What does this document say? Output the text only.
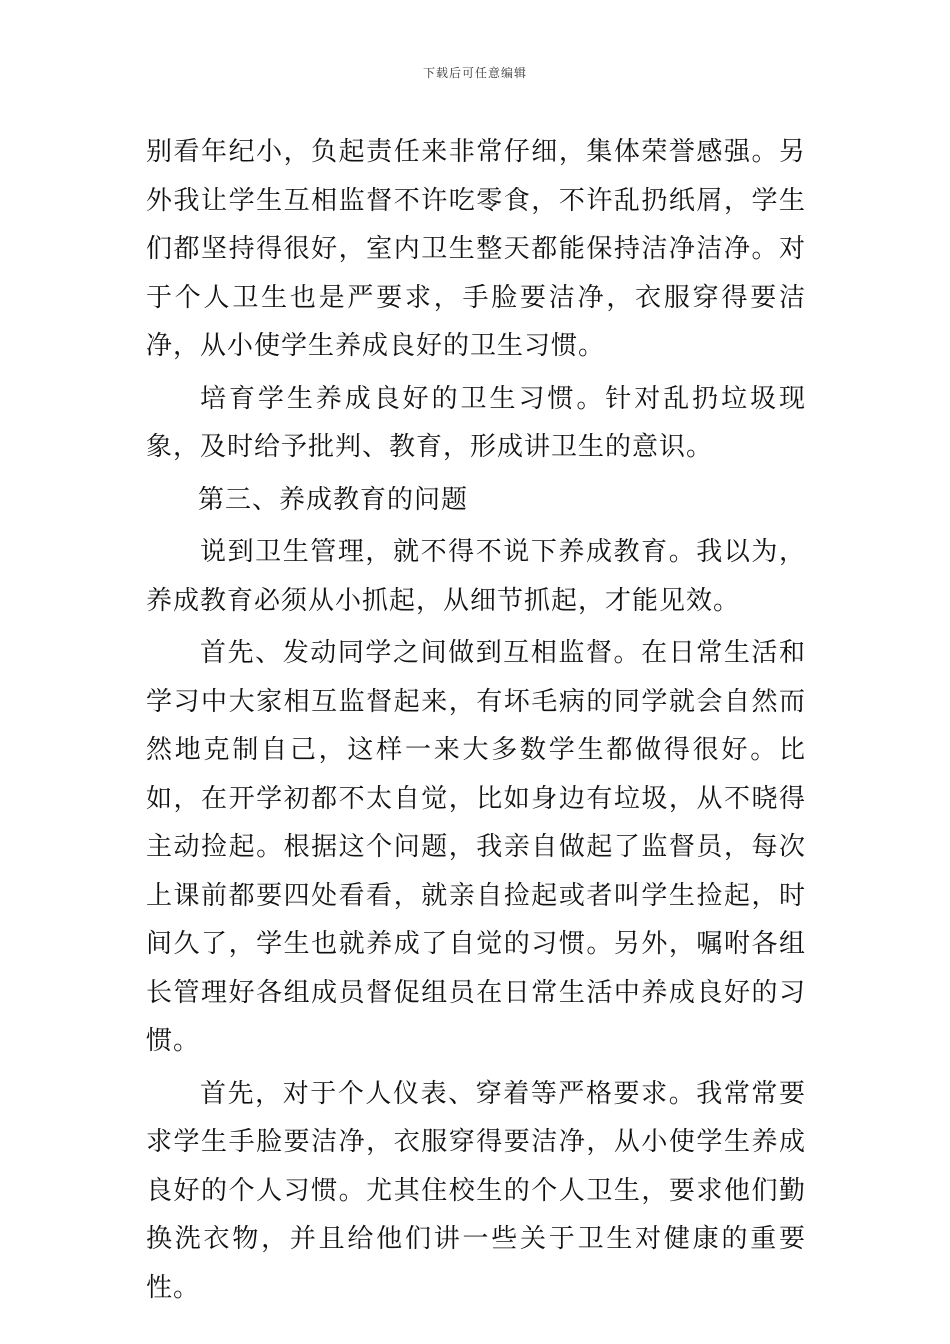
下载后可任意编辑

别看年纪小，负起责任来非常仔细，集体荣誉感强。另外我让学生互相监督不许吃零食，不许乱扔纸屑，学生们都坚持得很好，室内卫生整天都能保持洁净洁净。对于个人卫生也是严要求，手脸要洁净，衣服穿得要洁净，从小使学生养成良好的卫生习惯。

培育学生养成良好的卫生习惯。针对乱扔垃圾现象，及时给予批判、教育，形成讲卫生的意识。

第三、养成教育的问题

说到卫生管理，就不得不说下养成教育。我以为，养成教育必须从小抓起，从细节抓起，才能见效。

首先、发动同学之间做到互相监督。在日常生活和学习中大家相互监督起来，有坏毛病的同学就会自然而然地克制自己，这样一来大多数学生都做得很好。比如，在开学初都不太自觉，比如身边有垃圾，从不晓得主动捡起。根据这个问题，我亲自做起了监督员，每次上课前都要四处看看，就亲自捡起或者叫学生捡起，时间久了，学生也就养成了自觉的习惯。另外，嘱咐各组长管理好各组成员督促组员在日常生活中养成良好的习惯。

首先，对于个人仪表、穿着等严格要求。我常常要求学生手脸要洁净，衣服穿得要洁净，从小使学生养成良好的个人习惯。尤其住校生的个人卫生，要求他们勤换洗衣物，并且给他们讲一些关于卫生对健康的重要性。
